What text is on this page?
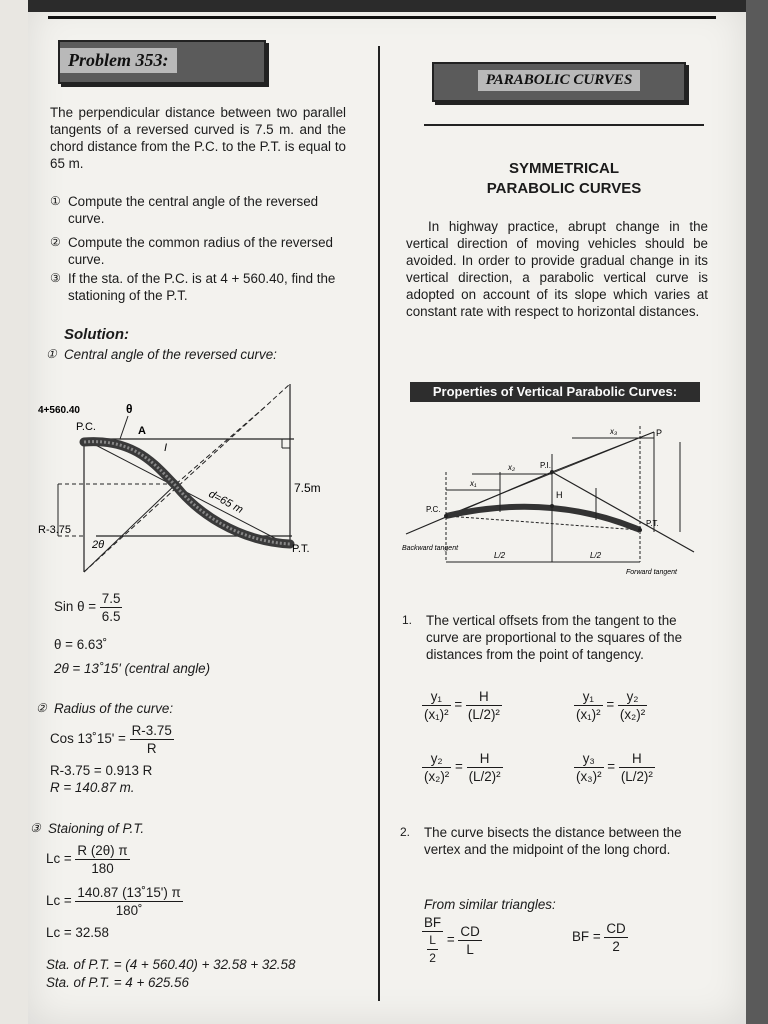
Problem 353:
The perpendicular distance between two parallel tangents of a reversed curved is 7.5 m. and the chord distance from the P.C. to the P.T. is equal to 65 m.
① Compute the central angle of the reversed curve.
② Compute the common radius of the reversed curve.
③ If the sta. of the P.C. is at 4 + 560.40, find the stationing of the P.T.
Solution:
① Central angle of the reversed curve:
4+560.40	θ
P.C.	A
I
7.5m
d=65 m
R-3.75
2θ	P.T.
Sin $\theta = \frac{7.5}{6.5}$
θ = 6.63˚
2θ = 13˚15' (central angle)
② Radius of the curve:
Cos 13˚15' = $\frac{R-3.75}{R}$
R-3.75 = 0.913 R
R = 140.87 m.
③ Staioning of P.T.
$Lc = \frac{R (2\theta) \pi}{180}$
$Lc = \frac{140.87 (13˚15') \pi}{180˚}$
Lc = 32.58
Sta. of P.T. = (4 + 560.40) + 32.58 + 32.58
Sta. of P.T. = 4 + 625.56
PARABOLIC CURVES
SYMMETRICAL
PARABOLIC CURVES
In highway practice, abrupt change in the vertical direction of moving vehicles should be avoided. In order to provide gradual change in its vertical direction, a parabolic vertical curve is adopted on account of its slope which varies at constant rate with respect to horizontal distances.
Properties of Vertical Parabolic Curves:
P.C.
P.I.
P.T.
Backward tangent
Forward tangent
L/2	L/2
H
x₁
x₂
x₃	P
1. The vertical offsets from the tangent to the curve are proportional to the squares of the distances from the point of tangency.
$\frac{\text{y₁}}{\text{(x₁)²}} = \frac{H}{\text{(L/2)²}}$	$\frac{\text{y₁}}{\text{(x₁)²}} = \frac{\text{y₂}}{\text{(x₂)²}}$
$\frac{\text{y₂}}{\text{(x₂)²}} = \frac{H}{\text{(L/2)²}}$	$\frac{\text{y₃}}{\text{(x₃)²}} = \frac{H}{\text{(L/2)²}}$
2. The curve bisects the distance between the vertex and the midpoint of the long chord.
From similar triangles:
$\frac{BF}{\frac{L}{2}} = \frac{CD}{L}$	BF = $\frac{CD}{2}$
